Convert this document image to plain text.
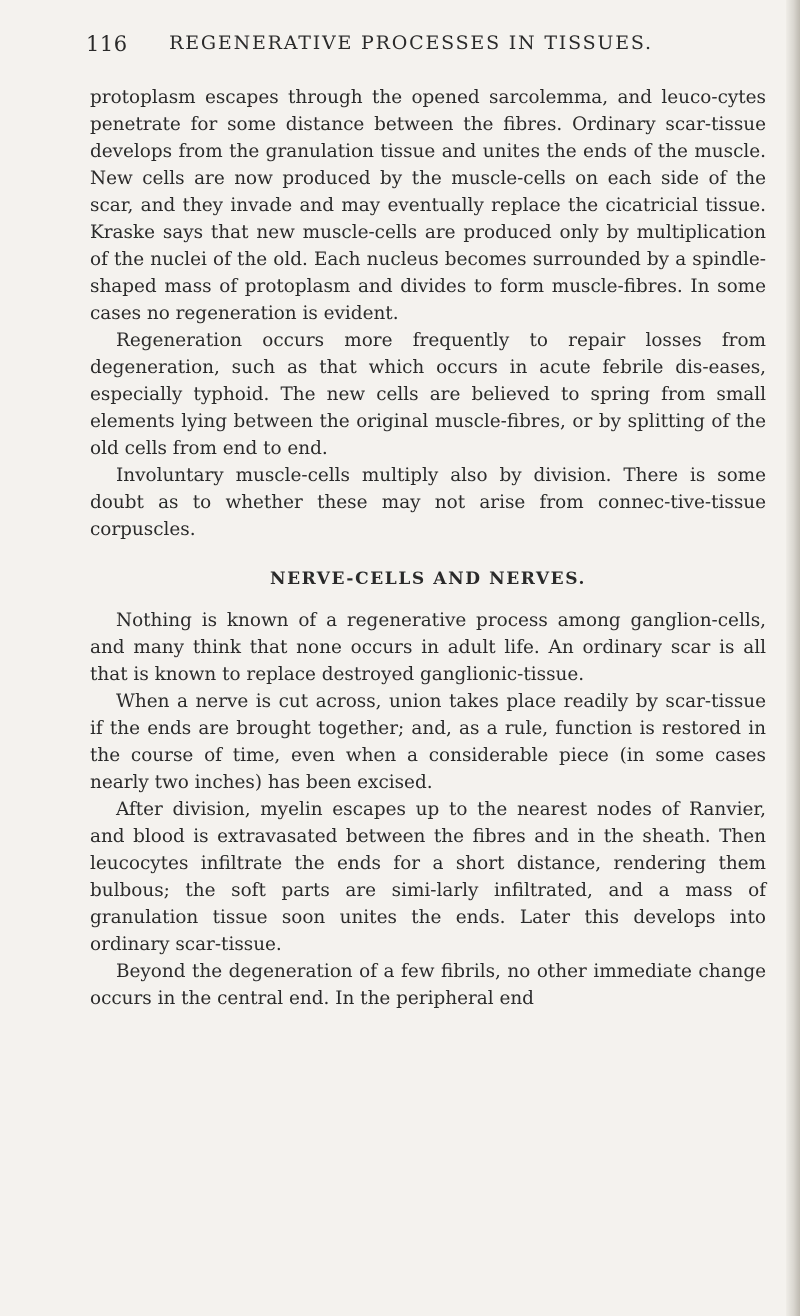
116	REGENERATIVE PROCESSES IN TISSUES.

protoplasm escapes through the opened sarcolemma, and leuco-cytes penetrate for some distance between the fibres. Ordinary scar-tissue develops from the granulation tissue and unites the ends of the muscle. New cells are now produced by the muscle-cells on each side of the scar, and they invade and may eventually replace the cicatricial tissue. Kraske says that new muscle-cells are produced only by multiplication of the nuclei of the old. Each nucleus becomes surrounded by a spindle-shaped mass of protoplasm and divides to form muscle-fibres. In some cases no regeneration is evident.

Regeneration occurs more frequently to repair losses from degeneration, such as that which occurs in acute febrile dis-eases, especially typhoid. The new cells are believed to spring from small elements lying between the original muscle-fibres, or by splitting of the old cells from end to end.

Involuntary muscle-cells multiply also by division. There is some doubt as to whether these may not arise from connec-tive-tissue corpuscles.

NERVE-CELLS AND NERVES.

Nothing is known of a regenerative process among ganglion-cells, and many think that none occurs in adult life. An ordinary scar is all that is known to replace destroyed ganglionic-tissue.

When a nerve is cut across, union takes place readily by scar-tissue if the ends are brought together; and, as a rule, function is restored in the course of time, even when a considerable piece (in some cases nearly two inches) has been excised.

After division, myelin escapes up to the nearest nodes of Ranvier, and blood is extravasated between the fibres and in the sheath. Then leucocytes infiltrate the ends for a short distance, rendering them bulbous; the soft parts are simi-larly infiltrated, and a mass of granulation tissue soon unites the ends. Later this develops into ordinary scar-tissue.

Beyond the degeneration of a few fibrils, no other immediate change occurs in the central end. In the peripheral end
